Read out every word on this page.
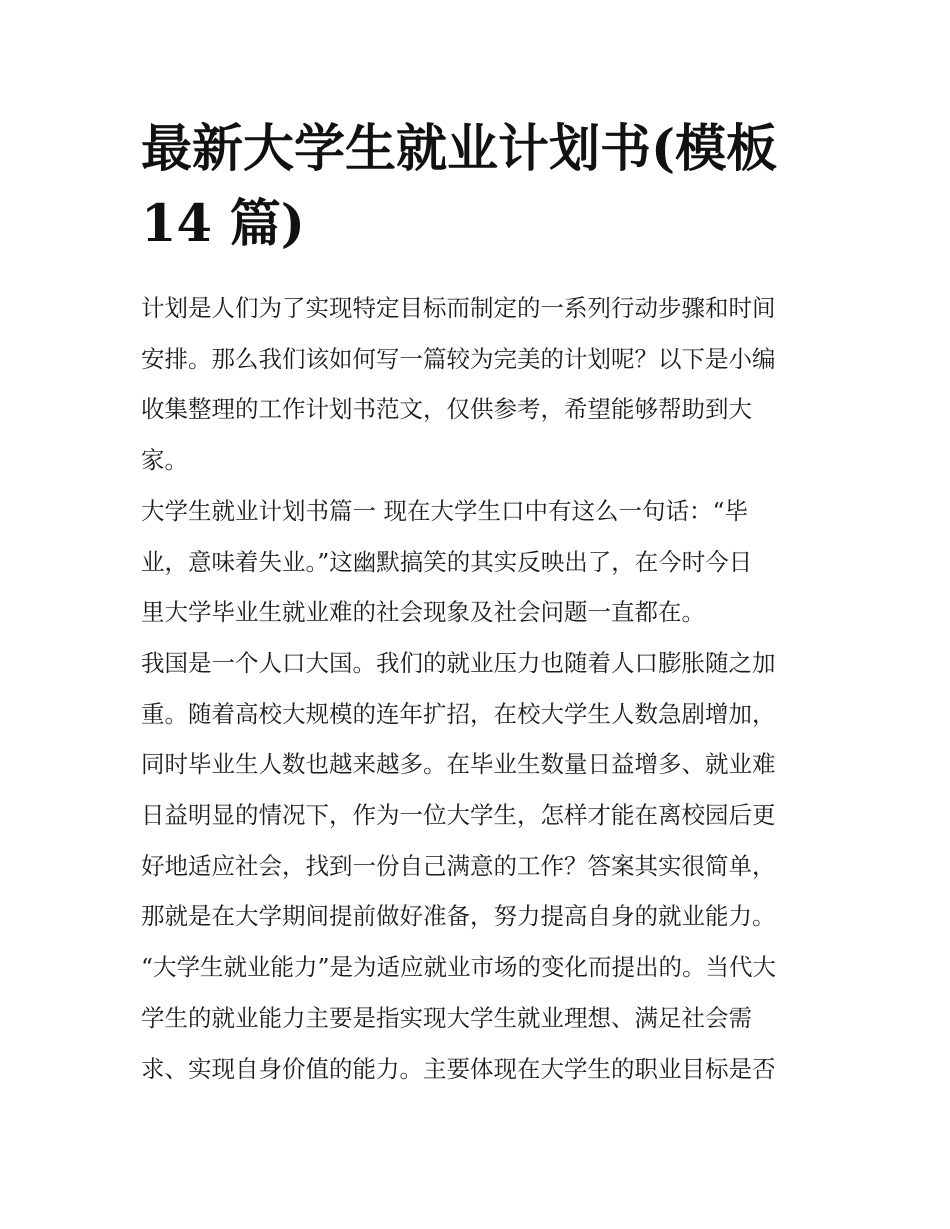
最新大学生就业计划书(模板
14 篇)

计划是人们为了实现特定目标而制定的一系列行动步骤和时间
安排。那么我们该如何写一篇较为完美的计划呢？以下是小编
收集整理的工作计划书范文，仅供参考，希望能够帮助到大
家。

大学生就业计划书篇一 现在大学生口中有这么一句话：“毕
业，意味着失业。”这幽默搞笑的其实反映出了，在今时今日
里大学毕业生就业难的社会现象及社会问题一直都在。

我国是一个人口大国。我们的就业压力也随着人口膨胀随之加
重。随着高校大规模的连年扩招，在校大学生人数急剧增加，
同时毕业生人数也越来越多。在毕业生数量日益增多、就业难
日益明显的情况下，作为一位大学生，怎样才能在离校园后更
好地适应社会，找到一份自己满意的工作？答案其实很简单，
那就是在大学期间提前做好准备，努力提高自身的就业能力。

“大学生就业能力”是为适应就业市场的变化而提出的。当代大
学生的就业能力主要是指实现大学生就业理想、满足社会需
求、实现自身价值的能力。主要体现在大学生的职业目标是否
